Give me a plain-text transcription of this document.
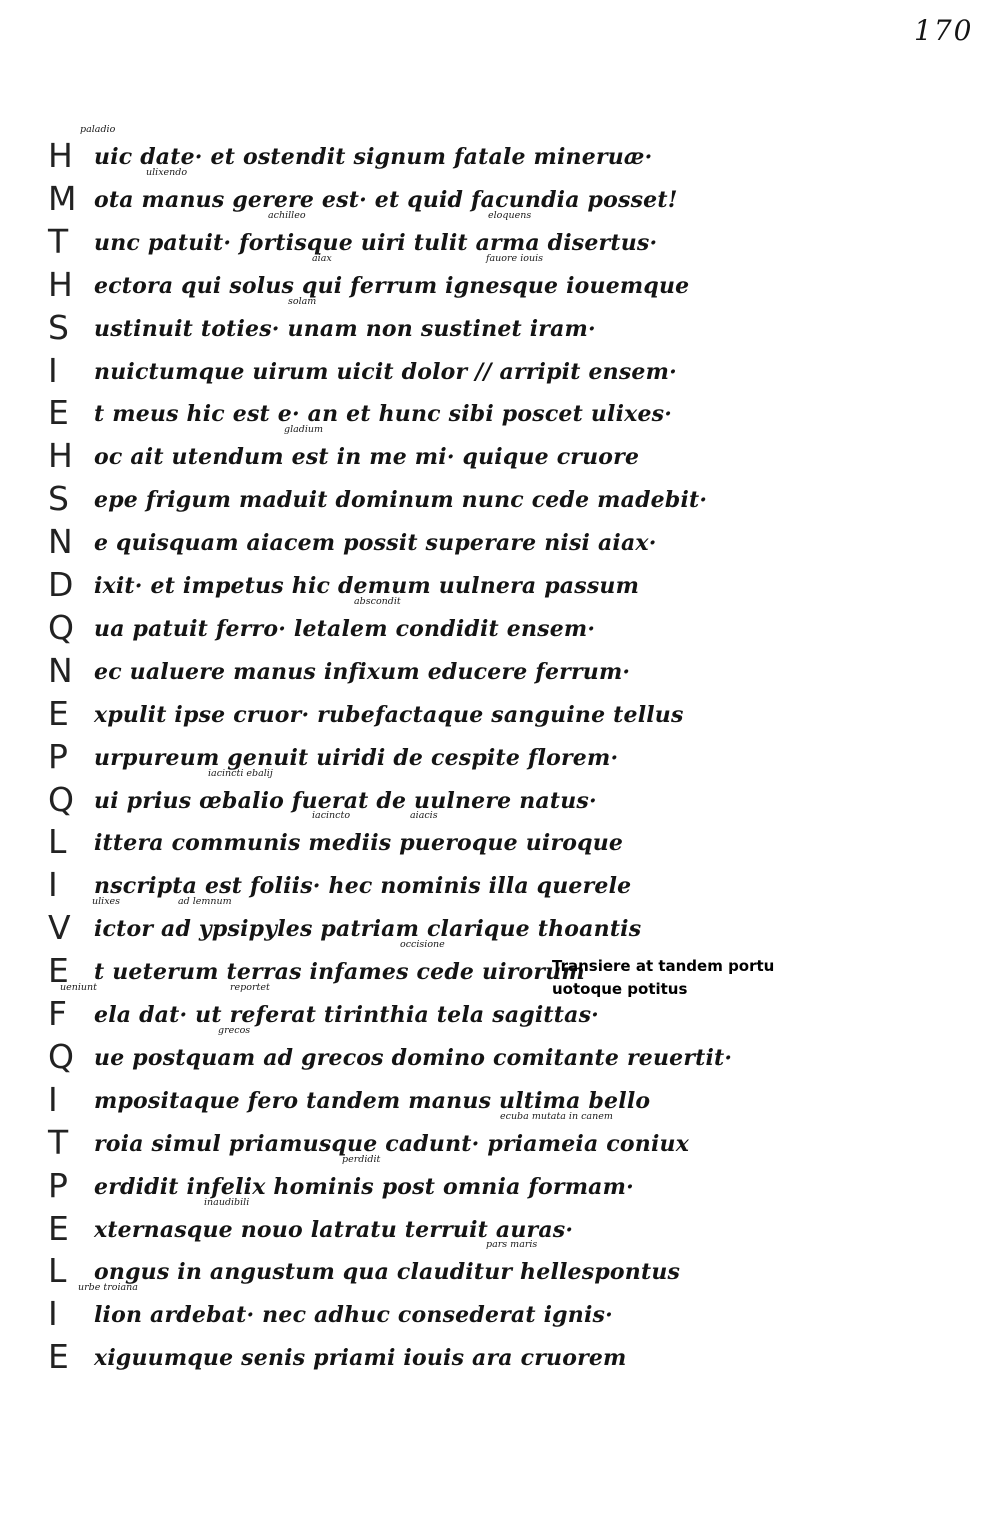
170
H uic date· et ostendit signum fatale mineruæ·
M ota manus gerere est· et quid facundia posset!
T	unc patuit· fortisque uiri tulit arma disertus·
H ectora qui solus qui ferrum ignesque iouemque
S	ustinuit toties· unam non sustinet iram·
I	nuictumque uirum uicit dolor // arripit ensem·
E	t meus hic est e· an et hunc sibi poscet ulixes·
H oc ait utendum est in me mi· quique cruore
S	epe frigum maduit dominum nunc cede madebit·
N e quisquam aiacem possit superare nisi aiax·
D ixit· et impetus hic demum uulnera passum
Q ua patuit ferro· letalem condidit ensem·
N ec ualuere manus infixum educere ferrum·
E	xpulit ipse cruor· rubefactaque sanguine tellus
P	urpureum genuit uiridi de cespite florem·
Q ui prius œbalio fuerat de uulnere natus·
L	ittera communis mediis pueroque uiroque
I	nscripta est foliis· hec nominis illa querele
V	ictor ad ypsipyles patriam clarique thoantis
E	t ueterum terras infames cede uirorum
F	ela dat· ut referat tirinthia tela sagittas·
Q ue postquam ad grecos domino comitante reuertit·
I	mpositaque fero tandem manus ultima bello
T	roia simul priamusque cadunt· priameia coniux
P	erdidit infelix hominis post omnia formam·
E	xternasque nouo latratu terruit auras·
L	ongus in angustum qua clauditur hellespontus
I	lion ardebat· nec adhuc consederat ignis·
E	xiguumque senis priami iouis ara cruorem
paladio
ulixendo
achilleo	eloquens
aiax	fauore iouis
solam
gladium
abscondit
iacincti ebalij
iacincto	aiacis
ulixes	ad lemnum
occisione
ueniunt	reportet
grecos
ecuba mutata in canem
perdidit
inaudibili
pars maris
urbe troiana
Transiere at tandem portu
uotoque potitus
